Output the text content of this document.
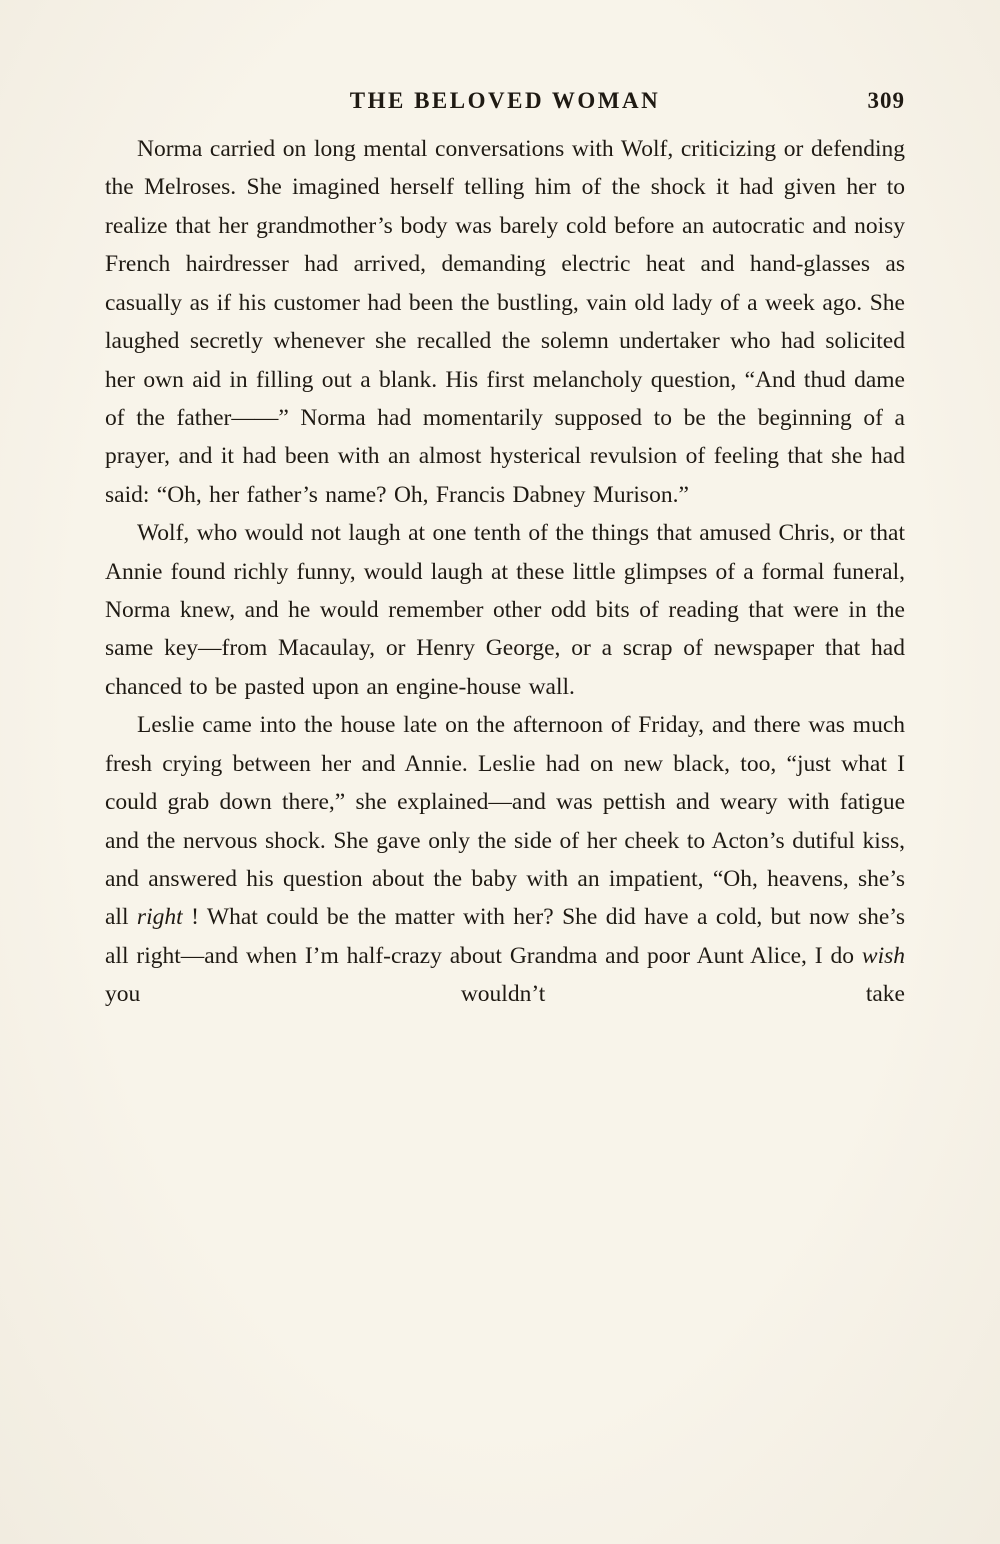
THE BELOVED WOMAN	309

Norma carried on long mental conversations with Wolf, criticizing or defending the Melroses. She imagined herself telling him of the shock it had given her to realize that her grandmother’s body was barely cold before an autocratic and noisy French hairdresser had arrived, demanding electric heat and hand-glasses as casually as if his customer had been the bustling, vain old lady of a week ago. She laughed secretly whenever she recalled the solemn undertaker who had solicited her own aid in filling out a blank. His first melancholy question, “And thud dame of the father——” Norma had momentarily supposed to be the beginning of a prayer, and it had been with an almost hysterical revulsion of feeling that she had said: “Oh, her father’s name? Oh, Francis Dabney Murison.”

Wolf, who would not laugh at one tenth of the things that amused Chris, or that Annie found richly funny, would laugh at these little glimpses of a formal funeral, Norma knew, and he would remember other odd bits of reading that were in the same key—from Macaulay, or Henry George, or a scrap of newspaper that had chanced to be pasted upon an engine-house wall.

Leslie came into the house late on the afternoon of Friday, and there was much fresh crying between her and Annie. Leslie had on new black, too, “just what I could grab down there,” she explained—and was pettish and weary with fatigue and the nervous shock. She gave only the side of her cheek to Acton’s dutiful kiss, and answered his question about the baby with an impatient, “Oh, heavens, she’s all right ! What could be the matter with her? She did have a cold, but now she’s all right—and when I’m half-crazy about Grandma and poor Aunt Alice, I do wish you wouldn’t take
